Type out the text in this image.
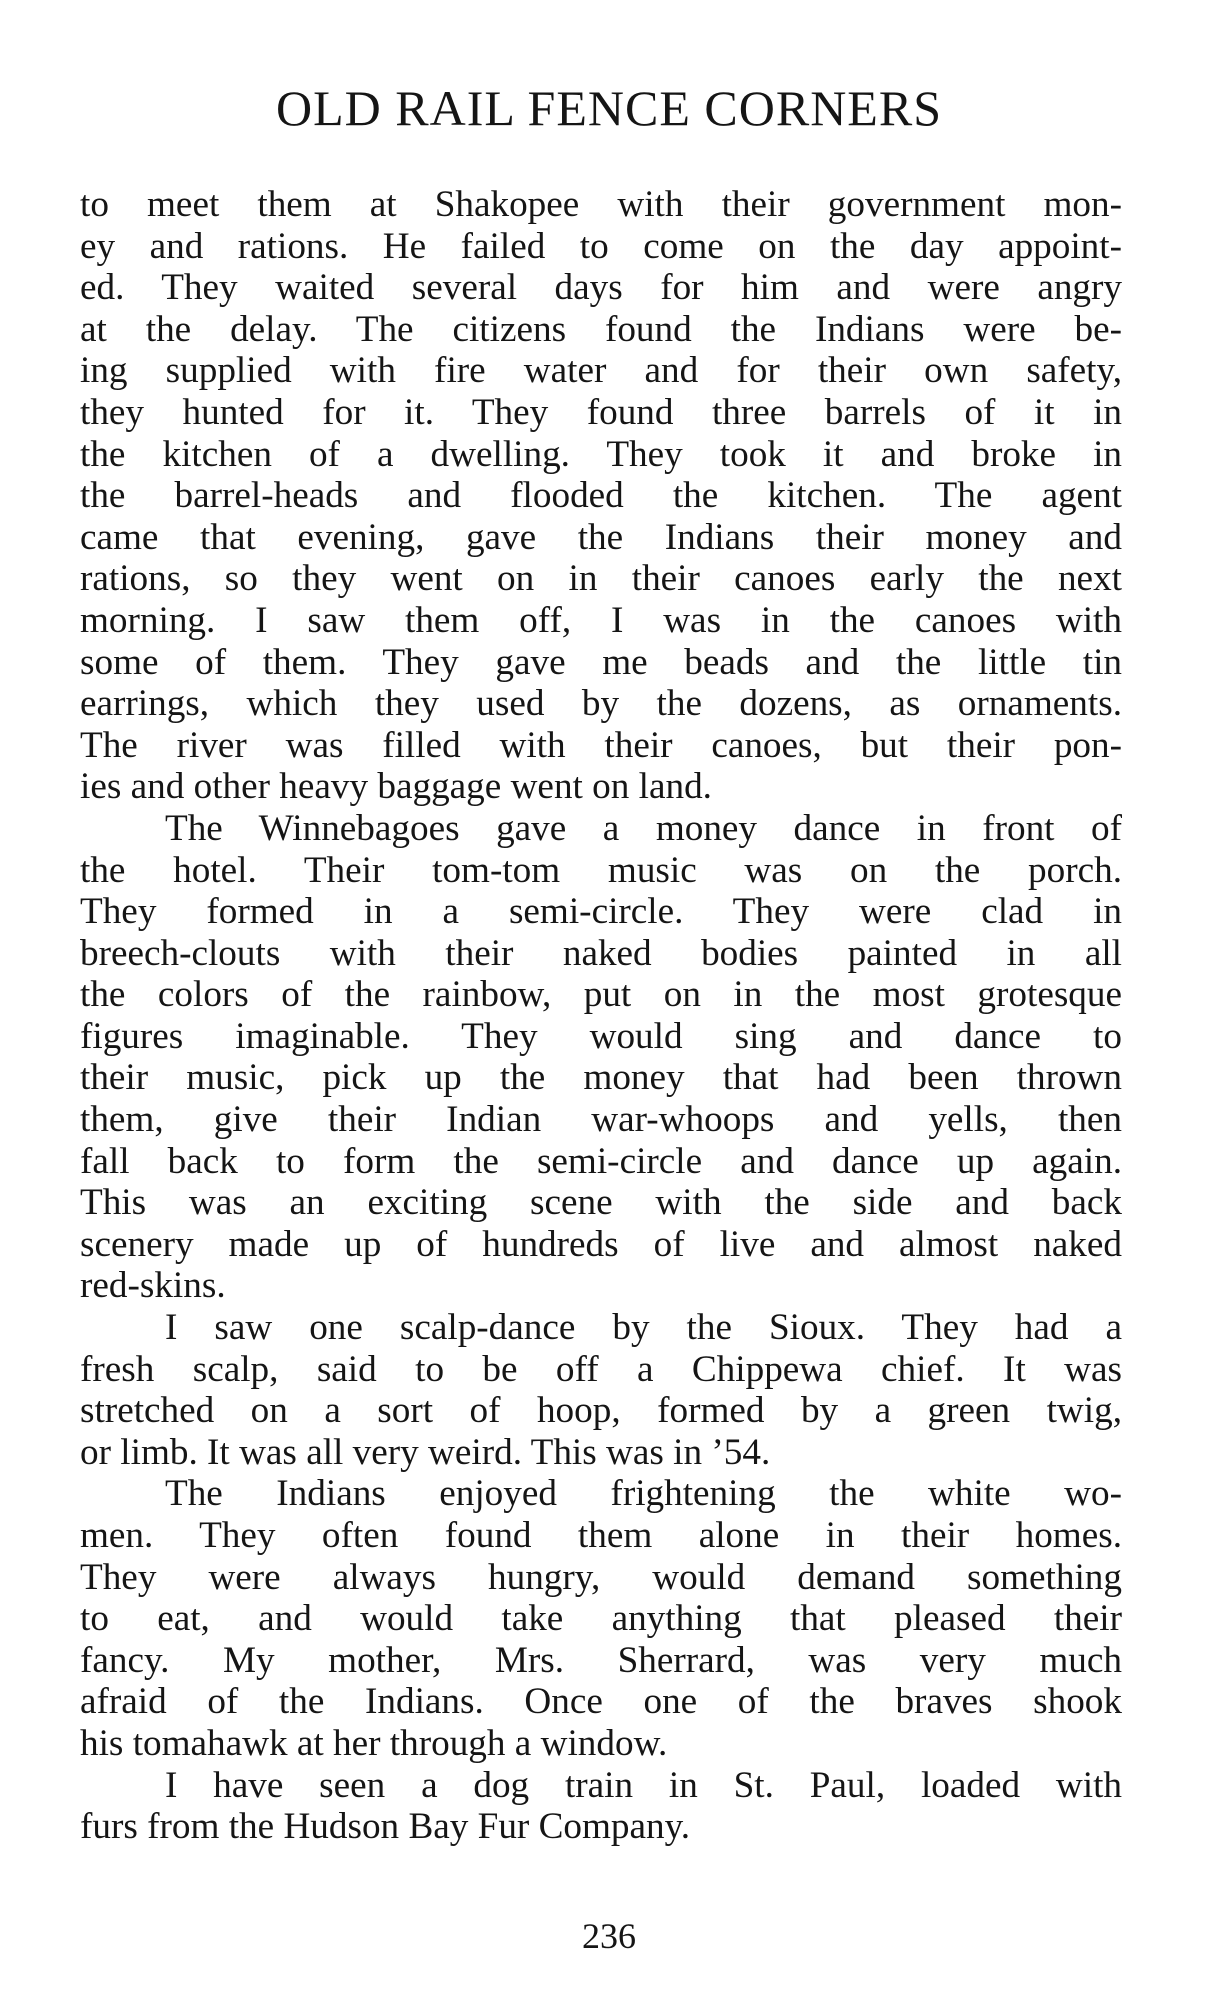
OLD RAIL FENCE CORNERS
to meet them at Shakopee with their government mon-
ey and rations. He failed to come on the day appoint-
ed. They waited several days for him and were angry
at the delay. The citizens found the Indians were be-
ing supplied with fire water and for their own safety,
they hunted for it. They found three barrels of it in
the kitchen of a dwelling. They took it and broke in
the barrel-heads and flooded the kitchen. The agent
came that evening, gave the Indians their money and
rations, so they went on in their canoes early the next
morning. I saw them off, I was in the canoes with
some of them. They gave me beads and the little tin
earrings, which they used by the dozens, as ornaments.
The river was filled with their canoes, but their pon-
ies and other heavy baggage went on land.
The Winnebagoes gave a money dance in front of
the hotel. Their tom-tom music was on the porch.
They formed in a semi-circle. They were clad in
breech-clouts with their naked bodies painted in all
the colors of the rainbow, put on in the most grotesque
figures imaginable. They would sing and dance to
their music, pick up the money that had been thrown
them, give their Indian war-whoops and yells, then
fall back to form the semi-circle and dance up again.
This was an exciting scene with the side and back
scenery made up of hundreds of live and almost naked
red-skins.
I saw one scalp-dance by the Sioux. They had a
fresh scalp, said to be off a Chippewa chief. It was
stretched on a sort of hoop, formed by a green twig,
or limb. It was all very weird. This was in ’54.
The Indians enjoyed frightening the white wo-
men. They often found them alone in their homes.
They were always hungry, would demand something
to eat, and would take anything that pleased their
fancy. My mother, Mrs. Sherrard, was very much
afraid of the Indians. Once one of the braves shook
his tomahawk at her through a window.
I have seen a dog train in St. Paul, loaded with
furs from the Hudson Bay Fur Company.
236
